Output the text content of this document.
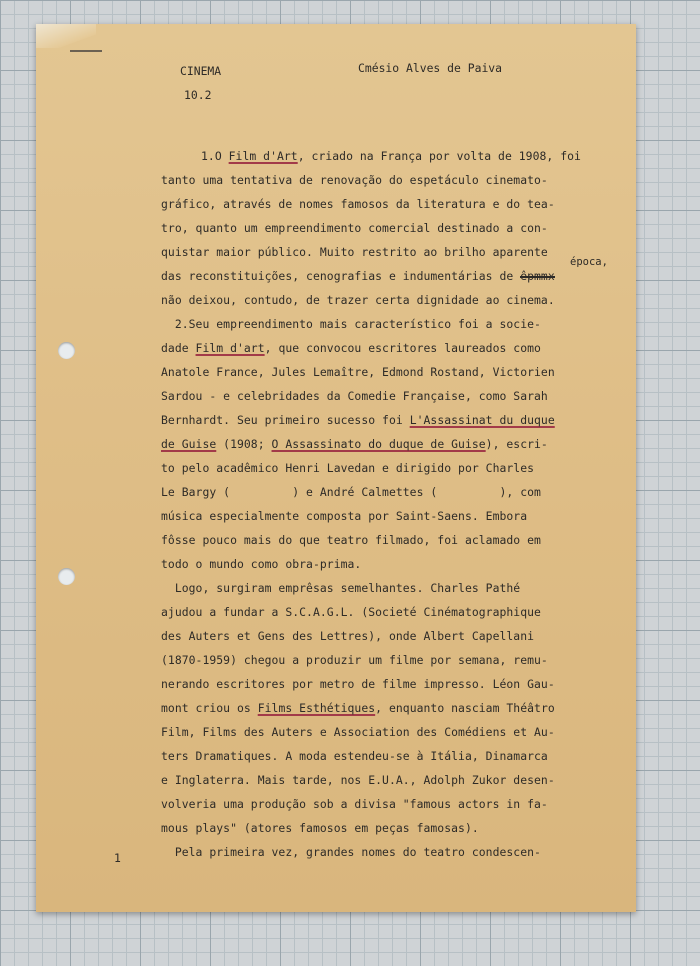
CINEMA
10.2
Cmésio Alves de Paiva
época,
1.O Film d'Art, criado na França por volta de 1908, foi
tanto uma tentativa de renovação do espetáculo cinemato-
gráfico, através de nomes famosos da literatura e do tea-
tro, quanto um empreendimento comercial destinado a con-
quistar maior público. Muito restrito ao brilho aparente
das reconstituições, cenografias e indumentárias de êpmmx
não deixou, contudo, de trazer certa dignidade ao cinema.
2.Seu empreendimento mais característico foi a socie-
dade Film d'art, que convocou escritores laureados como
Anatole France, Jules Lemaître, Edmond Rostand, Victorien
Sardou - e celebridades da Comedie Française, como Sarah
Bernhardt. Seu primeiro sucesso foi L'Assassinat du duque
de Guise (1908; O Assassinato do duque de Guise), escri-
to pelo acadêmico Henri Lavedan e dirigido por Charles
Le Bargy (         ) e André Calmettes (         ), com
música especialmente composta por Saint-Saens. Embora
fôsse pouco mais do que teatro filmado, foi aclamado em
todo o mundo como obra-prima.
Logo, surgiram emprêsas semelhantes. Charles Pathé
ajudou a fundar a S.C.A.G.L. (Societé Cinématographique
des Auters et Gens des Lettres), onde Albert Capellani
(1870-1959) chegou a produzir um filme por semana, remu-
nerando escritores por metro de filme impresso. Léon Gau-
mont criou os Films Esthétiques, enquanto nasciam Théâtro
Film, Films des Auters e Association des Comédiens et Au-
ters Dramatiques. A moda estendeu-se à Itália, Dinamarca
e Inglaterra. Mais tarde, nos E.U.A., Adolph Zukor desen-
volveria uma produção sob a divisa "famous actors in fa-
mous plays" (atores famosos em peças famosas).
Pela primeira vez, grandes nomes do teatro condescen-
1
